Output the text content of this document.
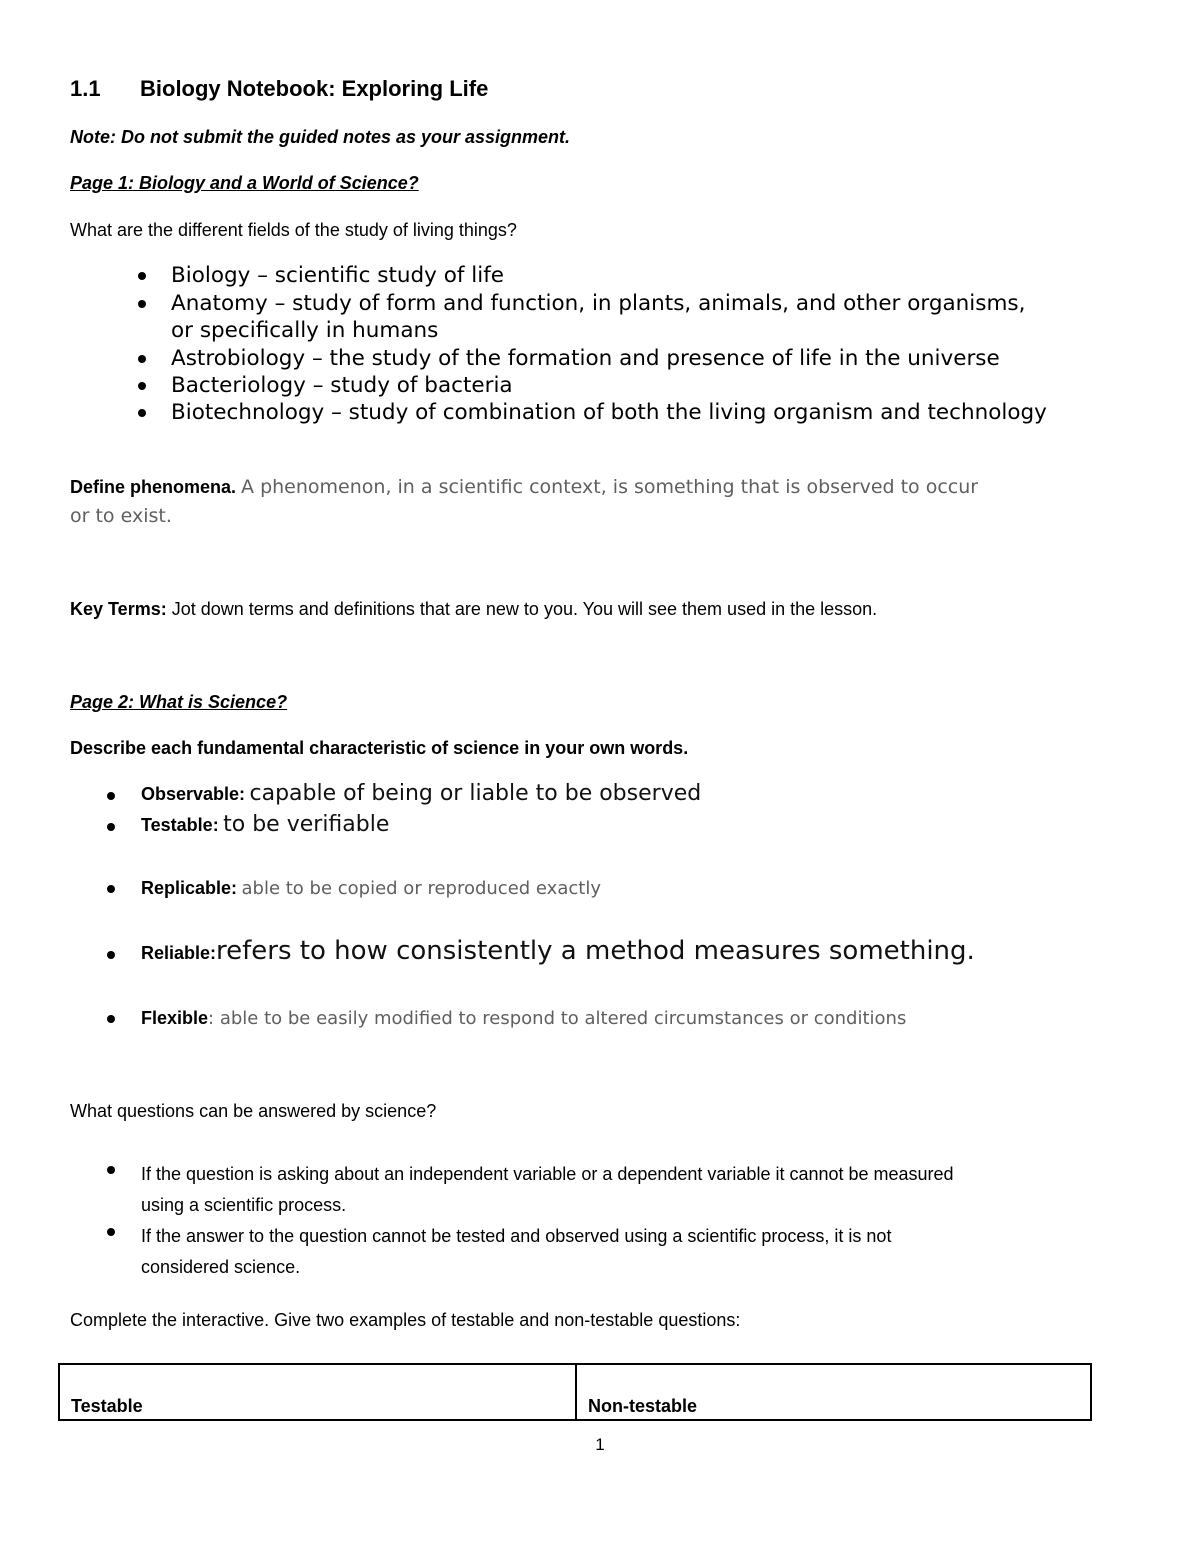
1.1 Biology Notebook: Exploring Life
Note: Do not submit the guided notes as your assignment.
Page 1: Biology and a World of Science?
What are the different fields of the study of living things?
Biology – scientific study of life
Anatomy – study of form and function, in plants, animals, and other organisms,
or specifically in humans
Astrobiology – the study of the formation and presence of life in the universe
Bacteriology – study of bacteria
Biotechnology – study of combination of both the living organism and technology
Define phenomena. A phenomenon, in a scientific context, is something that is observed to occur
or to exist.
Key Terms: Jot down terms and definitions that are new to you. You will see them used in the lesson.
Page 2: What is Science?
Describe each fundamental characteristic of science in your own words.
Observable: capable of being or liable to be observed
Testable: to be verifiable
Replicable: able to be copied or reproduced exactly
Reliable:refers to how consistently a method measures something.
Flexible: able to be easily modified to respond to altered circumstances or conditions
What questions can be answered by science?
If the question is asking about an independent variable or a dependent variable it cannot be measured
using a scientific process.
If the answer to the question cannot be tested and observed using a scientific process, it is not
considered science.
Complete the interactive. Give two examples of testable and non-testable questions:
Testable	Non-testable
1
